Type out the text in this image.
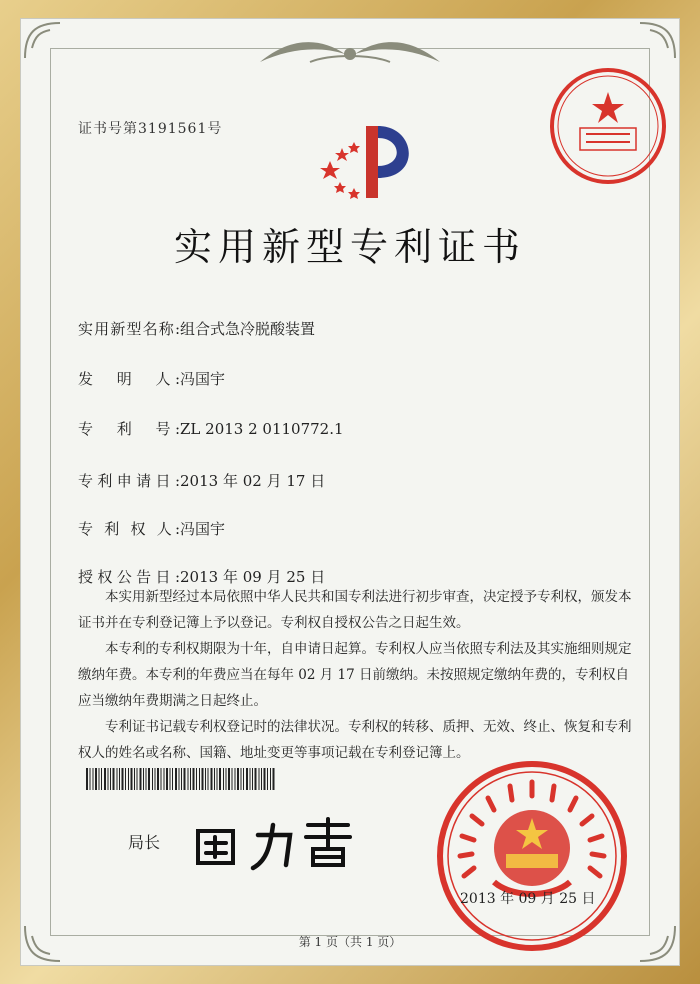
证书号第3191561号
实用新型专利证书
实用新型名称:组合式急冷脱酸装置
发　明　人:冯国宇
专　利　号:ZL 2013 2 0110772.1
专利申请日:2013 年 02 月 17 日
专 利 权 人:冯国宇
授权公告日:2013 年 09 月 25 日

本实用新型经过本局依照中华人民共和国专利法进行初步审查，决定授予专利权，颁发本证书并在专利登记簿上予以登记。专利权自授权公告之日起生效。

本专利的专利权期限为十年，自申请日起算。专利权人应当依照专利法及其实施细则规定缴纳年费。本专利的年费应当在每年 02 月 17 日前缴纳。未按照规定缴纳年费的，专利权自应当缴纳年费期满之日起终止。

专利证书记载专利权登记时的法律状况。专利权的转移、质押、无效、终止、恢复和专利权人的姓名或名称、国籍、地址变更等事项记载在专利登记簿上。

局长
2013 年 09 月 25 日
第 1 页（共 1 页）
